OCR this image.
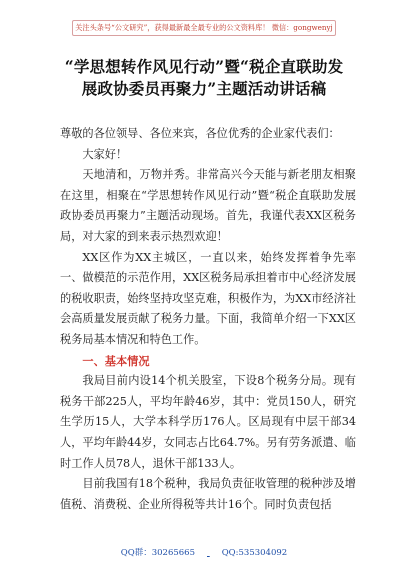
关注头条号“公文研究”，获得最新最全最专业的公文资料库！ 微信：gongwenyj
“学思想转作风见行动”暨“税企直联助发
展政协委员再聚力”主题活动讲话稿

尊敬的各位领导、各位来宾，各位优秀的企业家代表们：

大家好！

天地清和，万物并秀。非常高兴今天能与新老朋友相聚在这里，相聚在“学思想转作风见行动”暨“税企直联助发展政协委员再聚力”主题活动现场。首先，我谨代表XX区税务局，对大家的到来表示热烈欢迎！

XX区作为XX主城区，一直以来，始终发挥着争先率一、做模范的示范作用，XX区税务局承担着市中心经济发展的税收职责，始终坚持攻坚克难，积极作为，为XX市经济社会高质量发展贡献了税务力量。下面，我简单介绍一下XX区税务局基本情况和特色工作。

一、基本情况

我局目前内设14个机关股室，下设8个税务分局。现有税务干部225人，平均年龄46岁，其中：党员150人，研究生学历15人，大学本科学历176人。区局现有中层干部34人，平均年龄44岁，女同志占比64.7%。另有劳务派遣、临时工作人员78人，退休干部133人。

目前我国有18个税种，我局负责征收管理的税种涉及增值税、消费税、企业所得税等共计16个。同时负责包括

QQ群：30265665	QQ:535304092
